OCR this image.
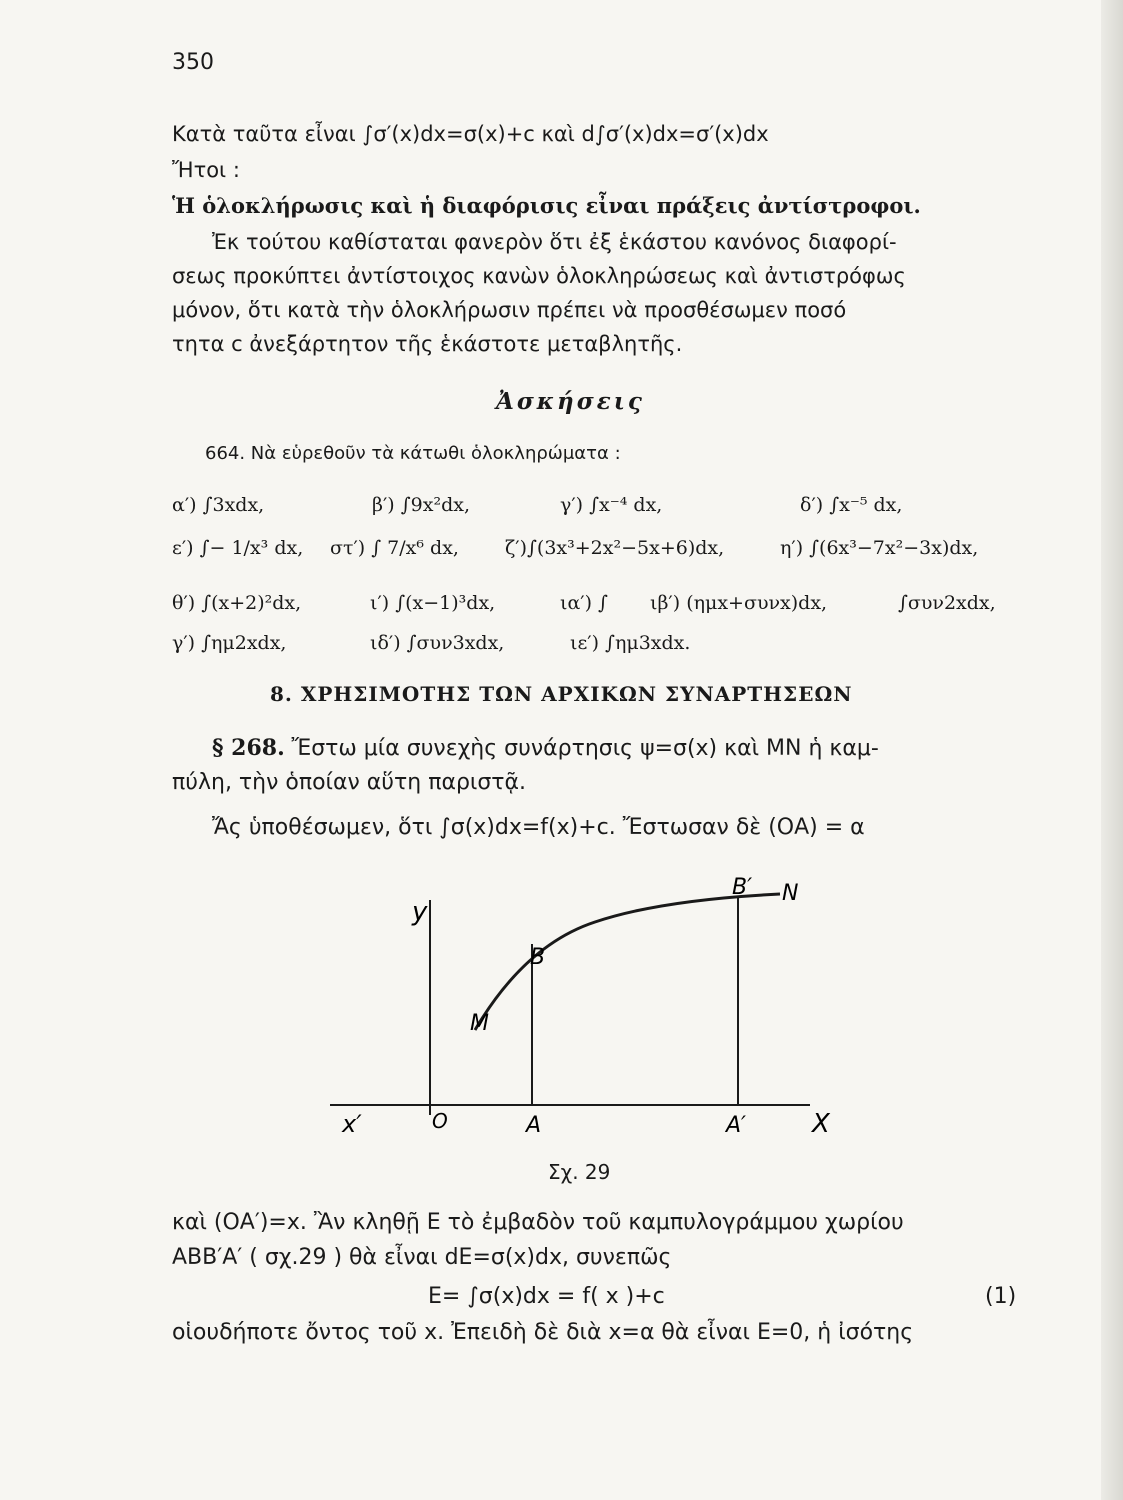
350
Κατὰ ταῦτα εἶναι ∫σ′(x)dx=σ(x)+c καὶ d∫σ′(x)dx=σ′(x)dx
Ἤτοι :
Ἡ ὁλοκλήρωσις καὶ ἡ διαφόρισις εἶναι πράξεις ἀντίστροφοι.
Ἐκ τούτου καθίσταται φανερὸν ὅτι ἐξ ἑκάστου κανόνος διαφορί-
σεως προκύπτει ἀντίστοιχος κανὼν ὁλοκληρώσεως καὶ ἀντιστρόφως
μόνον, ὅτι κατὰ τὴν ὁλοκλήρωσιν πρέπει νὰ προσθέσωμεν ποσό
τητα c ἀνεξάρτητον τῆς ἑκάστοτε μεταβλητῆς.
Ἀσκήσεις
664. Νὰ εὑρεθοῦν τὰ κάτωθι ὁλοκληρώματα :
α′) ∫3xdx,	β′) ∫9x²dx,	γ′) ∫x⁻⁴ dx,	δ′) ∫x⁻⁵ dx,
ε′) ∫− 1/x³ dx, στ′) ∫ 7/x⁶ dx, ζ′)∫(3x³+2x²−5x+6)dx,	η′) ∫(6x³−7x²−3x)dx,
θ′) ∫(x+2)²dx,	ι′) ∫(x−1)³dx,	ια′) ∫ ιβ′) (ημx+συνx)dx,	∫συν2xdx,
γ′) ∫ημ2xdx,	ιδ′) ∫συν3xdx,	ιε′) ∫ημ3xdx.
8. ΧΡΗΣΙΜΟΤΗΣ ΤΩΝ ΑΡΧΙΚΩΝ ΣΥΝΑΡΤΗΣΕΩΝ
§ 268. Ἔστω μία συνεχὴς συνάρτησις ψ=σ(x) καὶ ΜΝ ἡ καμ-
πύλη, τὴν ὁποίαν αὕτη παριστᾷ.
Ἄς ὑποθέσωμεν, ὅτι ∫σ(x)dx=f(x)+c. Ἔστωσαν δὲ (ΟΑ) = α
y
x′	O	A	A′	X
B
B′
M
N
Σχ. 29
καὶ (ΟΑ′)=x. Ἂν κληθῇ Ε τὸ ἐμβαδὸν τοῦ καμπυλογράμμου χωρίου
ΑΒΒ′Α′ ( σχ.29 ) θὰ εἶναι dE=σ(x)dx, συνεπῶς
E= ∫σ(x)dx = f( x )+c	(1)
οἱουδήποτε ὄντος τοῦ x. Ἐπειδὴ δὲ διὰ x=α θὰ εἶναι E=0, ἡ ἰσότης
